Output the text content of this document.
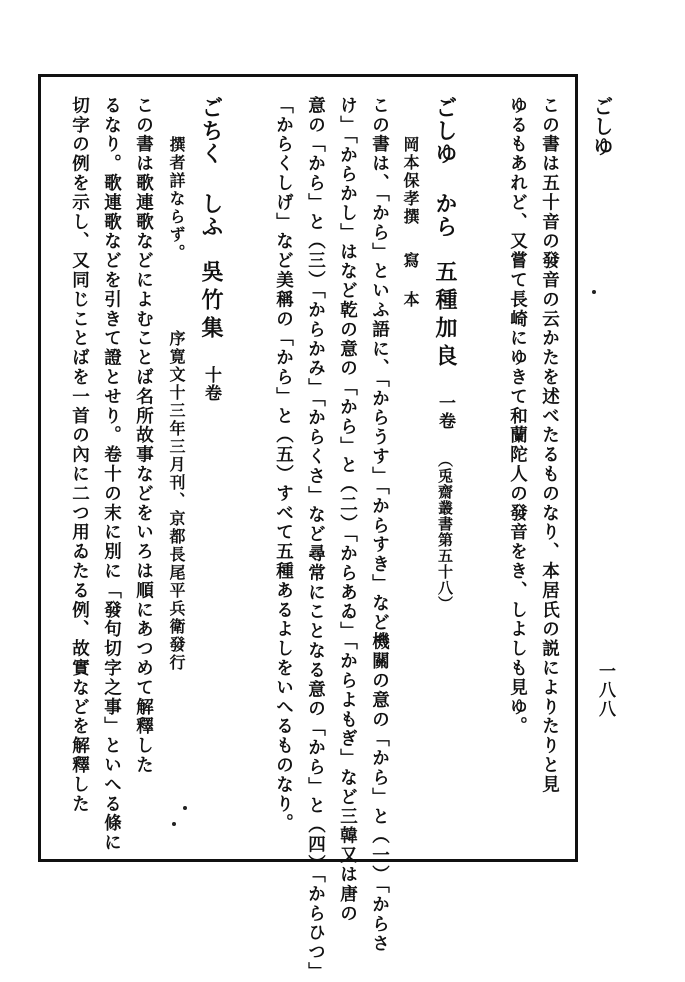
ごしゆ
一八八
この書は五十音の發音の云かたを述べたるものなり、本居氏の説によりたりと見
ゆるもあれど、又嘗て長崎にゆきて和蘭陀人の發音をき、しよしも見ゆ。
ごしゆ から五種加良一卷（兎齋叢書第五十八）
岡本保孝撰寫 本
この書は、「から」といふ語に、「からうす」「からすき」など機關の意の「から」と（一）「からさ
け」「からかし」はなど乾の意の「から」と（二）「からあゐ」「からよもぎ」など三韓又は唐の
意の「から」と（三）「からかみ」「からくさ」など尋常にことなる意の「から」と（四）「からひつ」
「からくしげ」など美稱の「から」と（五）すべて五種あるよしをいへるものなり。
ごちく しふ吳竹集十卷
撰者詳ならず。
序寛文十三年三月刊、京都長尾平兵衛發行
この書は歌連歌などによむことば名所故事などをいろは順にあつめて解釋した
るなり。歌連歌などを引きて證とせり。卷十の末に別に「發句切字之事」といへる條に
切字の例を示し、又同じことばを一首の內に二つ用ゐたる例、故實などを解釋した
